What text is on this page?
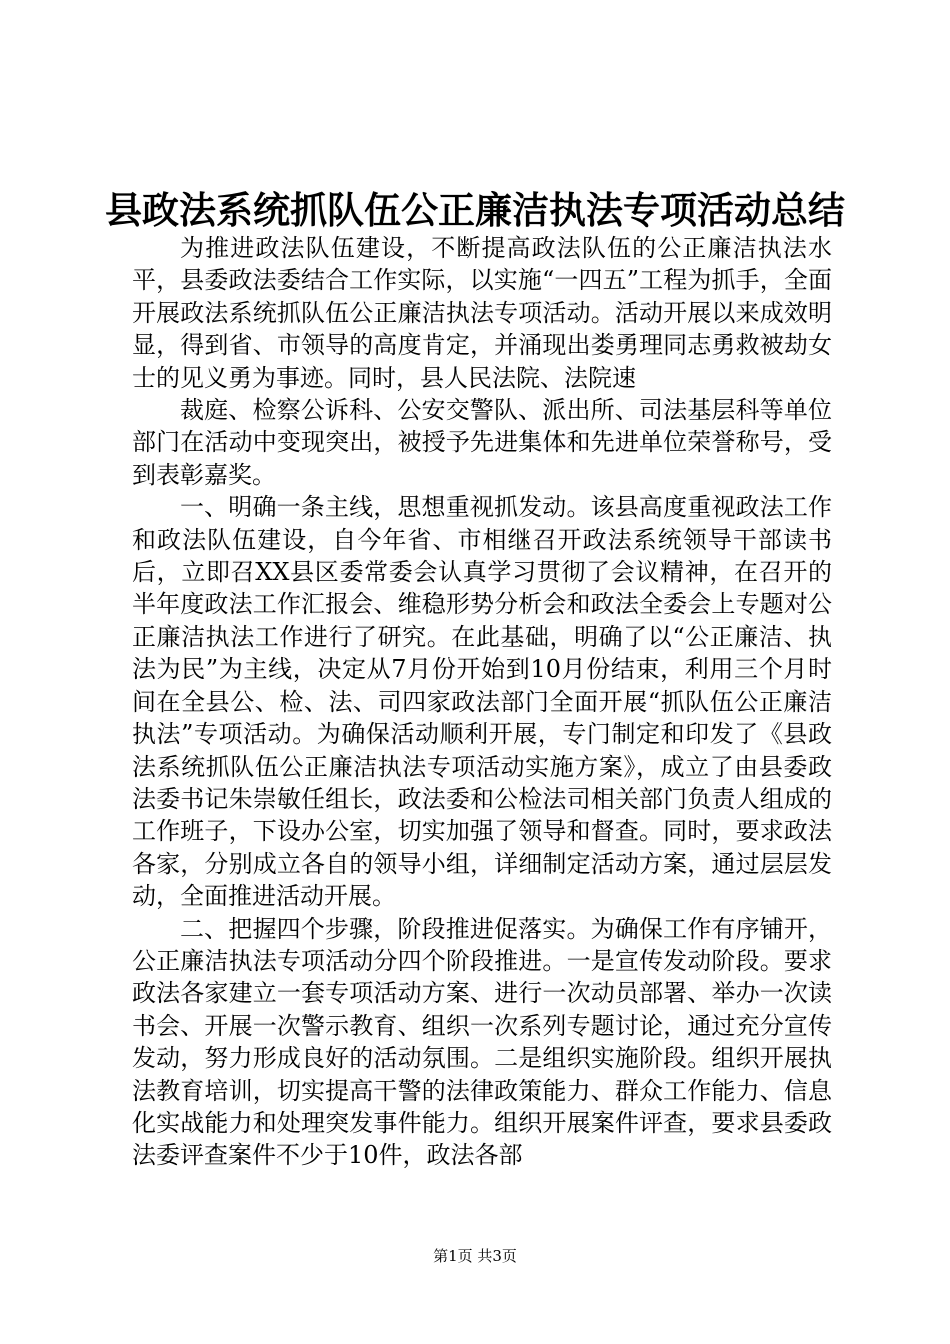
县政法系统抓队伍公正廉洁执法专项活动总结

为推进政法队伍建设，不断提高政法队伍的公正廉洁执法水平，县委政法委结合工作实际，以实施“一四五”工程为抓手，全面开展政法系统抓队伍公正廉洁执法专项活动。活动开展以来成效明显，得到省、市领导的高度肯定，并涌现出娄勇理同志勇救被劫女士的见义勇为事迹。同时，县人民法院、法院速

裁庭、检察公诉科、公安交警队、派出所、司法基层科等单位部门在活动中变现突出，被授予先进集体和先进单位荣誉称号，受到表彰嘉奖。

一、明确一条主线，思想重视抓发动。该县高度重视政法工作和政法队伍建设，自今年省、市相继召开政法系统领导干部读书后，立即召XX县区委常委会认真学习贯彻了会议精神，在召开的半年度政法工作汇报会、维稳形势分析会和政法全委会上专题对公正廉洁执法工作进行了研究。在此基础，明确了以“公正廉洁、执法为民”为主线，决定从7月份开始到10月份结束，利用三个月时间在全县公、检、法、司四家政法部门全面开展“抓队伍公正廉洁执法”专项活动。为确保活动顺利开展，专门制定和印发了《县政法系统抓队伍公正廉洁执法专项活动实施方案》，成立了由县委政法委书记朱崇敏任组长，政法委和公检法司相关部门负责人组成的工作班子，下设办公室，切实加强了领导和督查。同时，要求政法各家，分别成立各自的领导小组，详细制定活动方案，通过层层发动，全面推进活动开展。

二、把握四个步骤，阶段推进促落实。为确保工作有序铺开，公正廉洁执法专项活动分四个阶段推进。一是宣传发动阶段。要求政法各家建立一套专项活动方案、进行一次动员部署、举办一次读书会、开展一次警示教育、组织一次系列专题讨论，通过充分宣传发动，努力形成良好的活动氛围。二是组织实施阶段。组织开展执法教育培训，切实提高干警的法律政策能力、群众工作能力、信息化实战能力和处理突发事件能力。组织开展案件评查，要求县委政法委评查案件不少于10件，政法各部

第1页 共3页
